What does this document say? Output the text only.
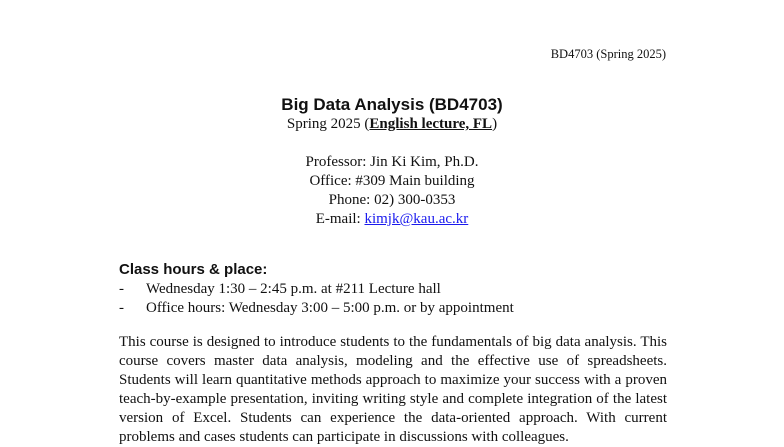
BD4703 (Spring 2025)
Big Data Analysis (BD4703)
Spring 2025 (English lecture, FL)
Professor: Jin Ki Kim, Ph.D.
Office: #309 Main building
Phone: 02) 300-0353
E-mail: kimjk@kau.ac.kr
Class hours & place:
-	Wednesday 1:30 – 2:45 p.m. at #211 Lecture hall
-	Office hours: Wednesday 3:00 – 5:00 p.m. or by appointment
This course is designed to introduce students to the fundamentals of big data analysis. This course covers master data analysis, modeling and the effective use of spreadsheets. Students will learn quantitative methods approach to maximize your success with a proven teach-by-example presentation, inviting writing style and complete integration of the latest version of Excel. Students can experience the data-oriented approach. With current problems and cases students can participate in discussions with colleagues.
